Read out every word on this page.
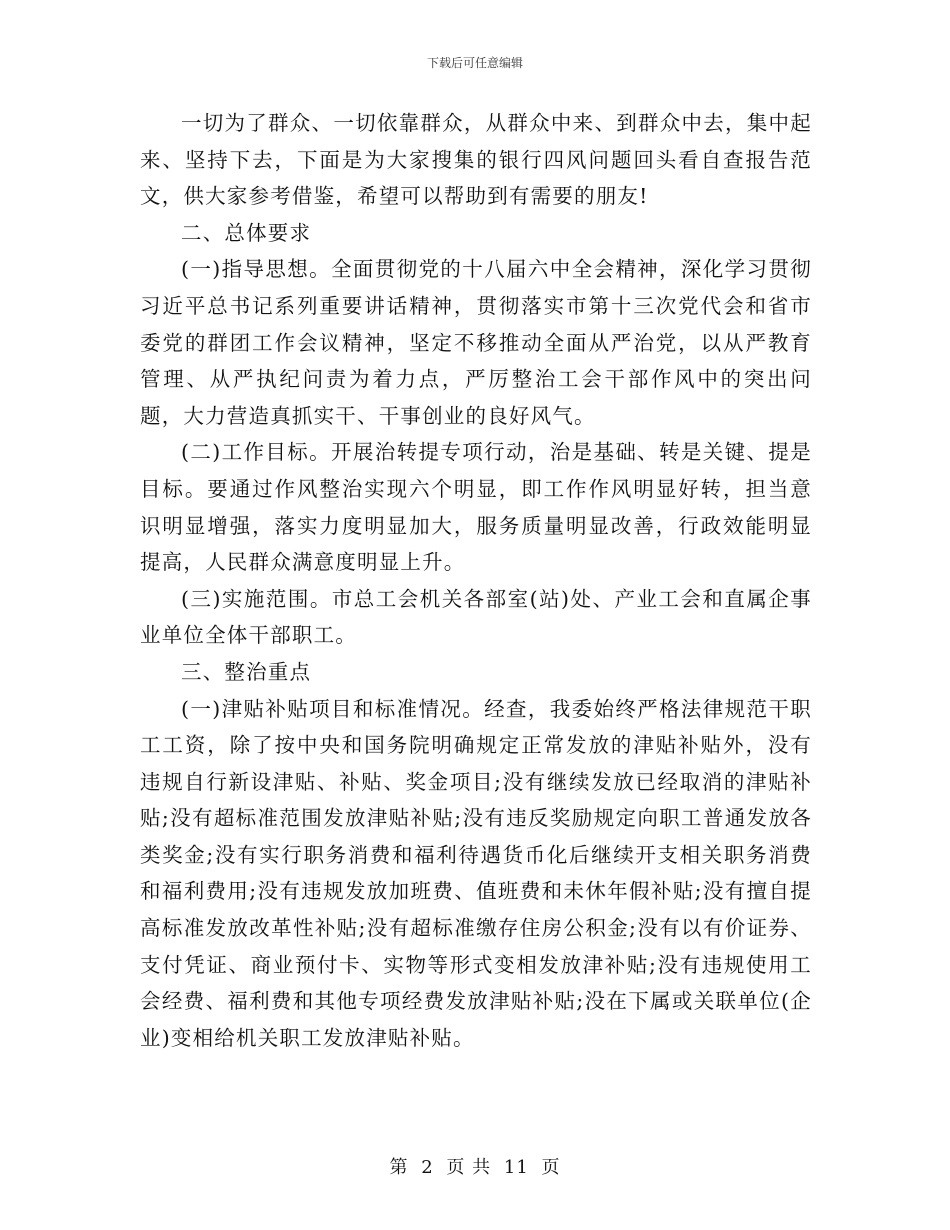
下载后可任意编辑

一切为了群众、一切依靠群众，从群众中来、到群众中去，集中起来、坚持下去，下面是为大家搜集的银行四风问题回头看自查报告范文，供大家参考借鉴，希望可以帮助到有需要的朋友!

二、总体要求

(一)指导思想。全面贯彻党的十八届六中全会精神，深化学习贯彻习近平总书记系列重要讲话精神，贯彻落实市第十三次党代会和省市委党的群团工作会议精神，坚定不移推动全面从严治党，以从严教育管理、从严执纪问责为着力点，严厉整治工会干部作风中的突出问题，大力营造真抓实干、干事创业的良好风气。

(二)工作目标。开展治转提专项行动，治是基础、转是关键、提是目标。要通过作风整治实现六个明显，即工作作风明显好转，担当意识明显增强，落实力度明显加大，服务质量明显改善，行政效能明显提高，人民群众满意度明显上升。

(三)实施范围。市总工会机关各部室(站)处、产业工会和直属企事业单位全体干部职工。

三、整治重点

(一)津贴补贴项目和标准情况。经查，我委始终严格法律规范干职工工资，除了按中央和国务院明确规定正常发放的津贴补贴外，没有违规自行新设津贴、补贴、奖金项目;没有继续发放已经取消的津贴补贴;没有超标准范围发放津贴补贴;没有违反奖励规定向职工普通发放各类奖金;没有实行职务消费和福利待遇货币化后继续开支相关职务消费和福利费用;没有违规发放加班费、值班费和未休年假补贴;没有擅自提高标准发放改革性补贴;没有超标准缴存住房公积金;没有以有价证券、支付凭证、商业预付卡、实物等形式变相发放津补贴;没有违规使用工会经费、福利费和其他专项经费发放津贴补贴;没在下属或关联单位(企业)变相给机关职工发放津贴补贴。

第 2 页 共 11 页
